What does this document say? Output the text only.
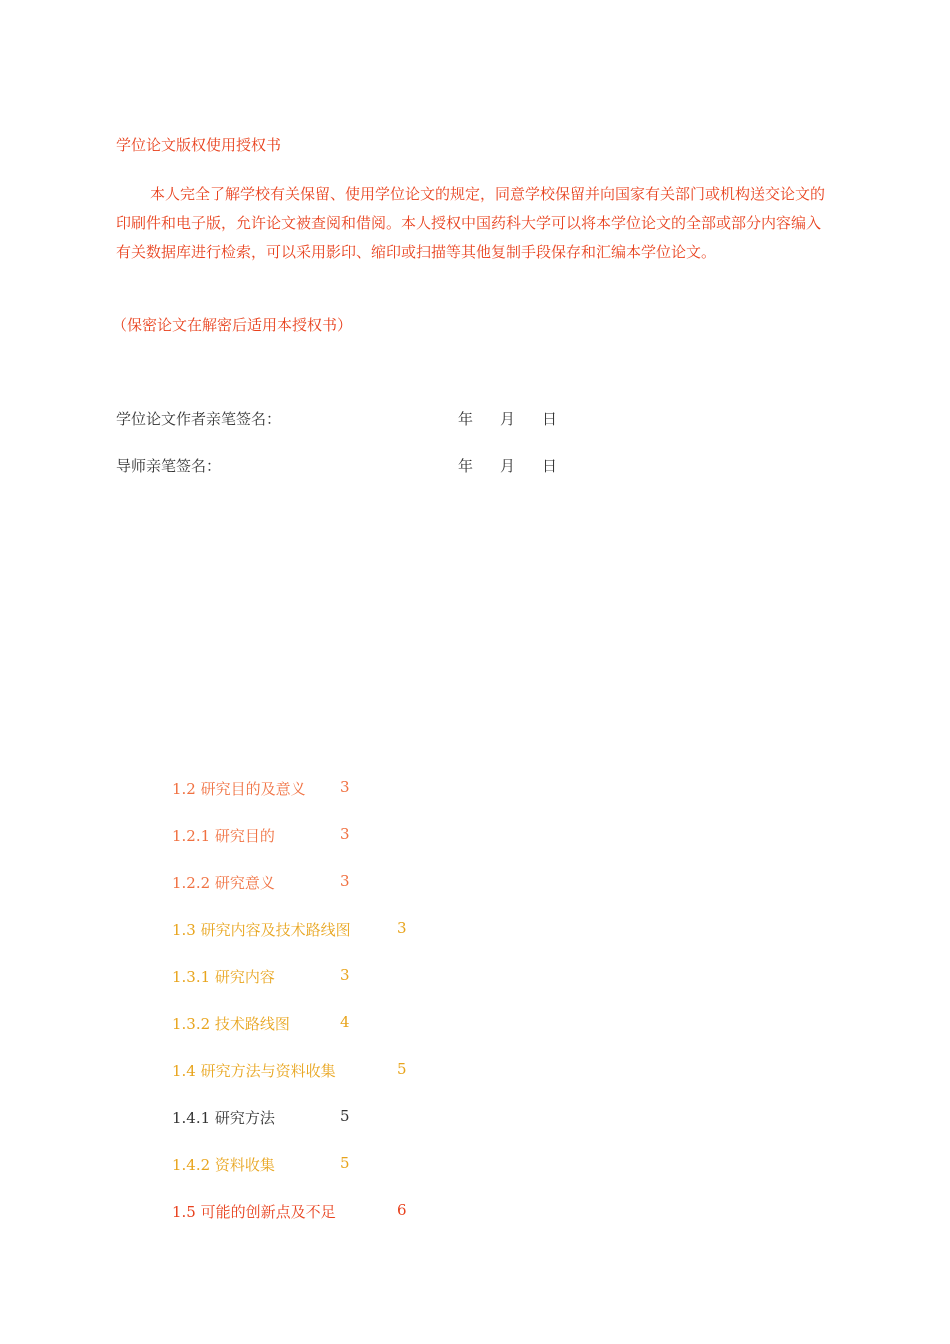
学位论文版权使用授权书
本人完全了解学校有关保留、使用学位论文的规定，同意学校保留并向国家有关部门或机构送交论文的印刷件和电子版，允许论文被查阅和借阅。本人授权中国药科大学可以将本学位论文的全部或部分内容编入有关数据库进行检索，可以采用影印、缩印或扫描等其他复制手段保存和汇编本学位论文。
（保密论文在解密后适用本授权书）
学位论文作者亲笔签名：	年 月 日
导师亲笔签名：	年 月 日
1.2 研究目的及意义 3
1.2.1 研究目的	3
1.2.2 研究意义	3
1.3 研究内容及技术路线图	3
1.3.1 研究内容	3
1.3.2 技术路线图	4
1.4 研究方法与资料收集	5
1.4.1 研究方法	5
1.4.2 资料收集	5
1.5 可能的创新点及不足	6
